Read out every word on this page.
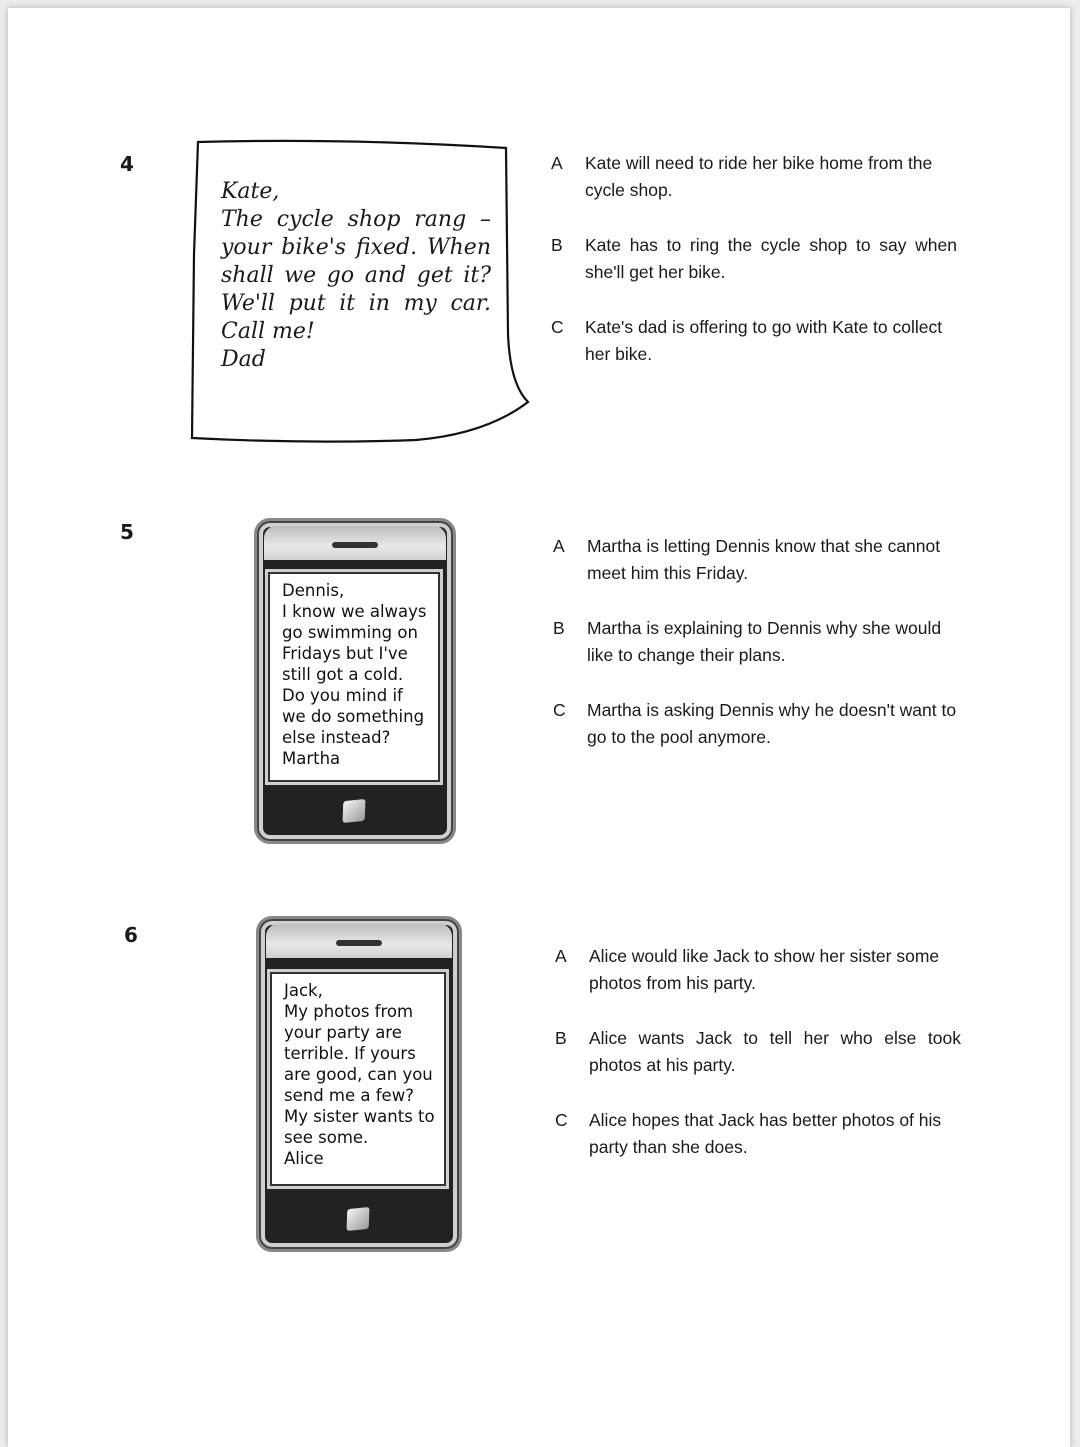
4
Kate,
The cycle shop rang –
your bike's fixed. When
shall we go and get it?
We'll put it in my car.
Call me!
Dad
A	Kate will need to ride her bike home from the cycle shop.
B	Kate has to ring the cycle shop to say when she'll get her bike.
C	Kate's dad is offering to go with Kate to collect her bike.
5
Dennis,
I know we always
go swimming on
Fridays but I've
still got a cold.
Do you mind if
we do something
else instead?
Martha
A	Martha is letting Dennis know that she cannot meet him this Friday.
B	Martha is explaining to Dennis why she would like to change their plans.
C	Martha is asking Dennis why he doesn't want to go to the pool anymore.
6
Jack,
My photos from
your party are
terrible. If yours
are good, can you
send me a few?
My sister wants to
see some.
Alice
A	Alice would like Jack to show her sister some photos from his party.
B	Alice wants Jack to tell her who else took photos at his party.
C	Alice hopes that Jack has better photos of his party than she does.
